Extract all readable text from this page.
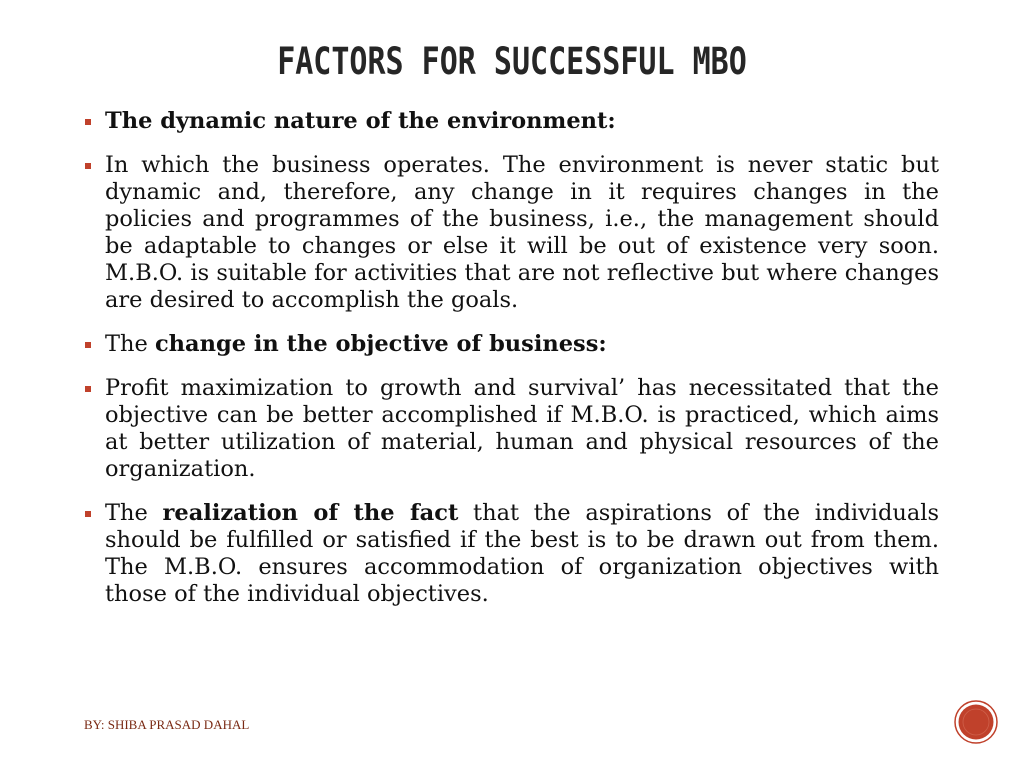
FACTORS FOR SUCCESSFUL MBO
The dynamic nature of the environment:
In which the business operates. The environment is never static but dynamic and, therefore, any change in it requires changes in the policies and programmes of the business, i.e., the management should be adaptable to changes or else it will be out of existence very soon. M.B.O. is suitable for activities that are not reflective but where changes are desired to accomplish the goals.
The change in the objective of business:
Profit maximization to growth and survival’ has necessitated that the objective can be better accomplished if M.B.O. is practiced, which aims at better utilization of material, human and physical resources of the organization.
The realization of the fact that the aspirations of the individuals should be fulfilled or satisfied if the best is to be drawn out from them. The M.B.O. ensures accommodation of organization objectives with those of the individual objectives.
BY: SHIBA PRASAD DAHAL
